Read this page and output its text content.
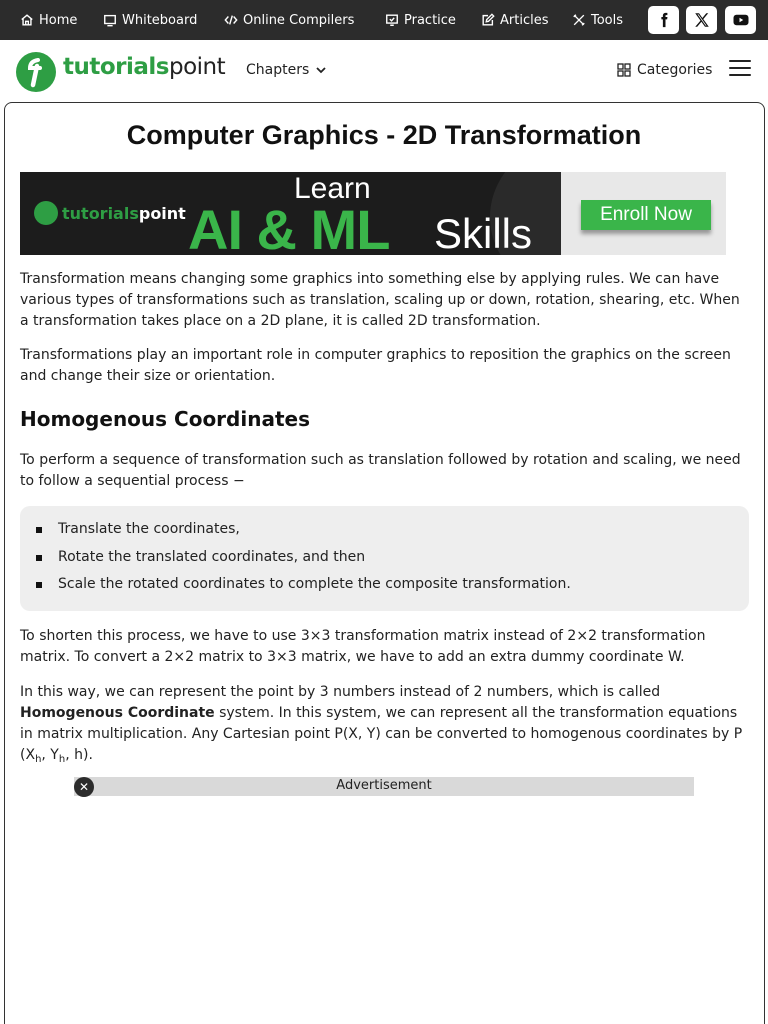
Home	Whiteboard	Online Compilers	Practice	Articles	Tools
tutorialspoint Chapters	Categories
Computer Graphics - 2D Transformation
tutorialspoint
Learn
AI & ML Skills	Enroll Now

Transformation means changing some graphics into something else by applying rules. We can have various types of transformations such as translation, scaling up or down, rotation, shearing, etc. When a transformation takes place on a 2D plane, it is called 2D transformation.

Transformations play an important role in computer graphics to reposition the graphics on the screen and change their size or orientation.

Homogenous Coordinates

To perform a sequence of transformation such as translation followed by rotation and scaling, we need to follow a sequential process −

Translate the coordinates,
Rotate the translated coordinates, and then
Scale the rotated coordinates to complete the composite transformation.

To shorten this process, we have to use 3×3 transformation matrix instead of 2×2 transformation matrix. To convert a 2×2 matrix to 3×3 matrix, we have to add an extra dummy coordinate W.

In this way, we can represent the point by 3 numbers instead of 2 numbers, which is called Homogenous Coordinate system. In this system, we can represent all the transformation equations in matrix multiplication. Any Cartesian point P(X, Y) can be converted to homogenous coordinates by P ($X_h$, $Y_h$, h).

Advertisement
✕
